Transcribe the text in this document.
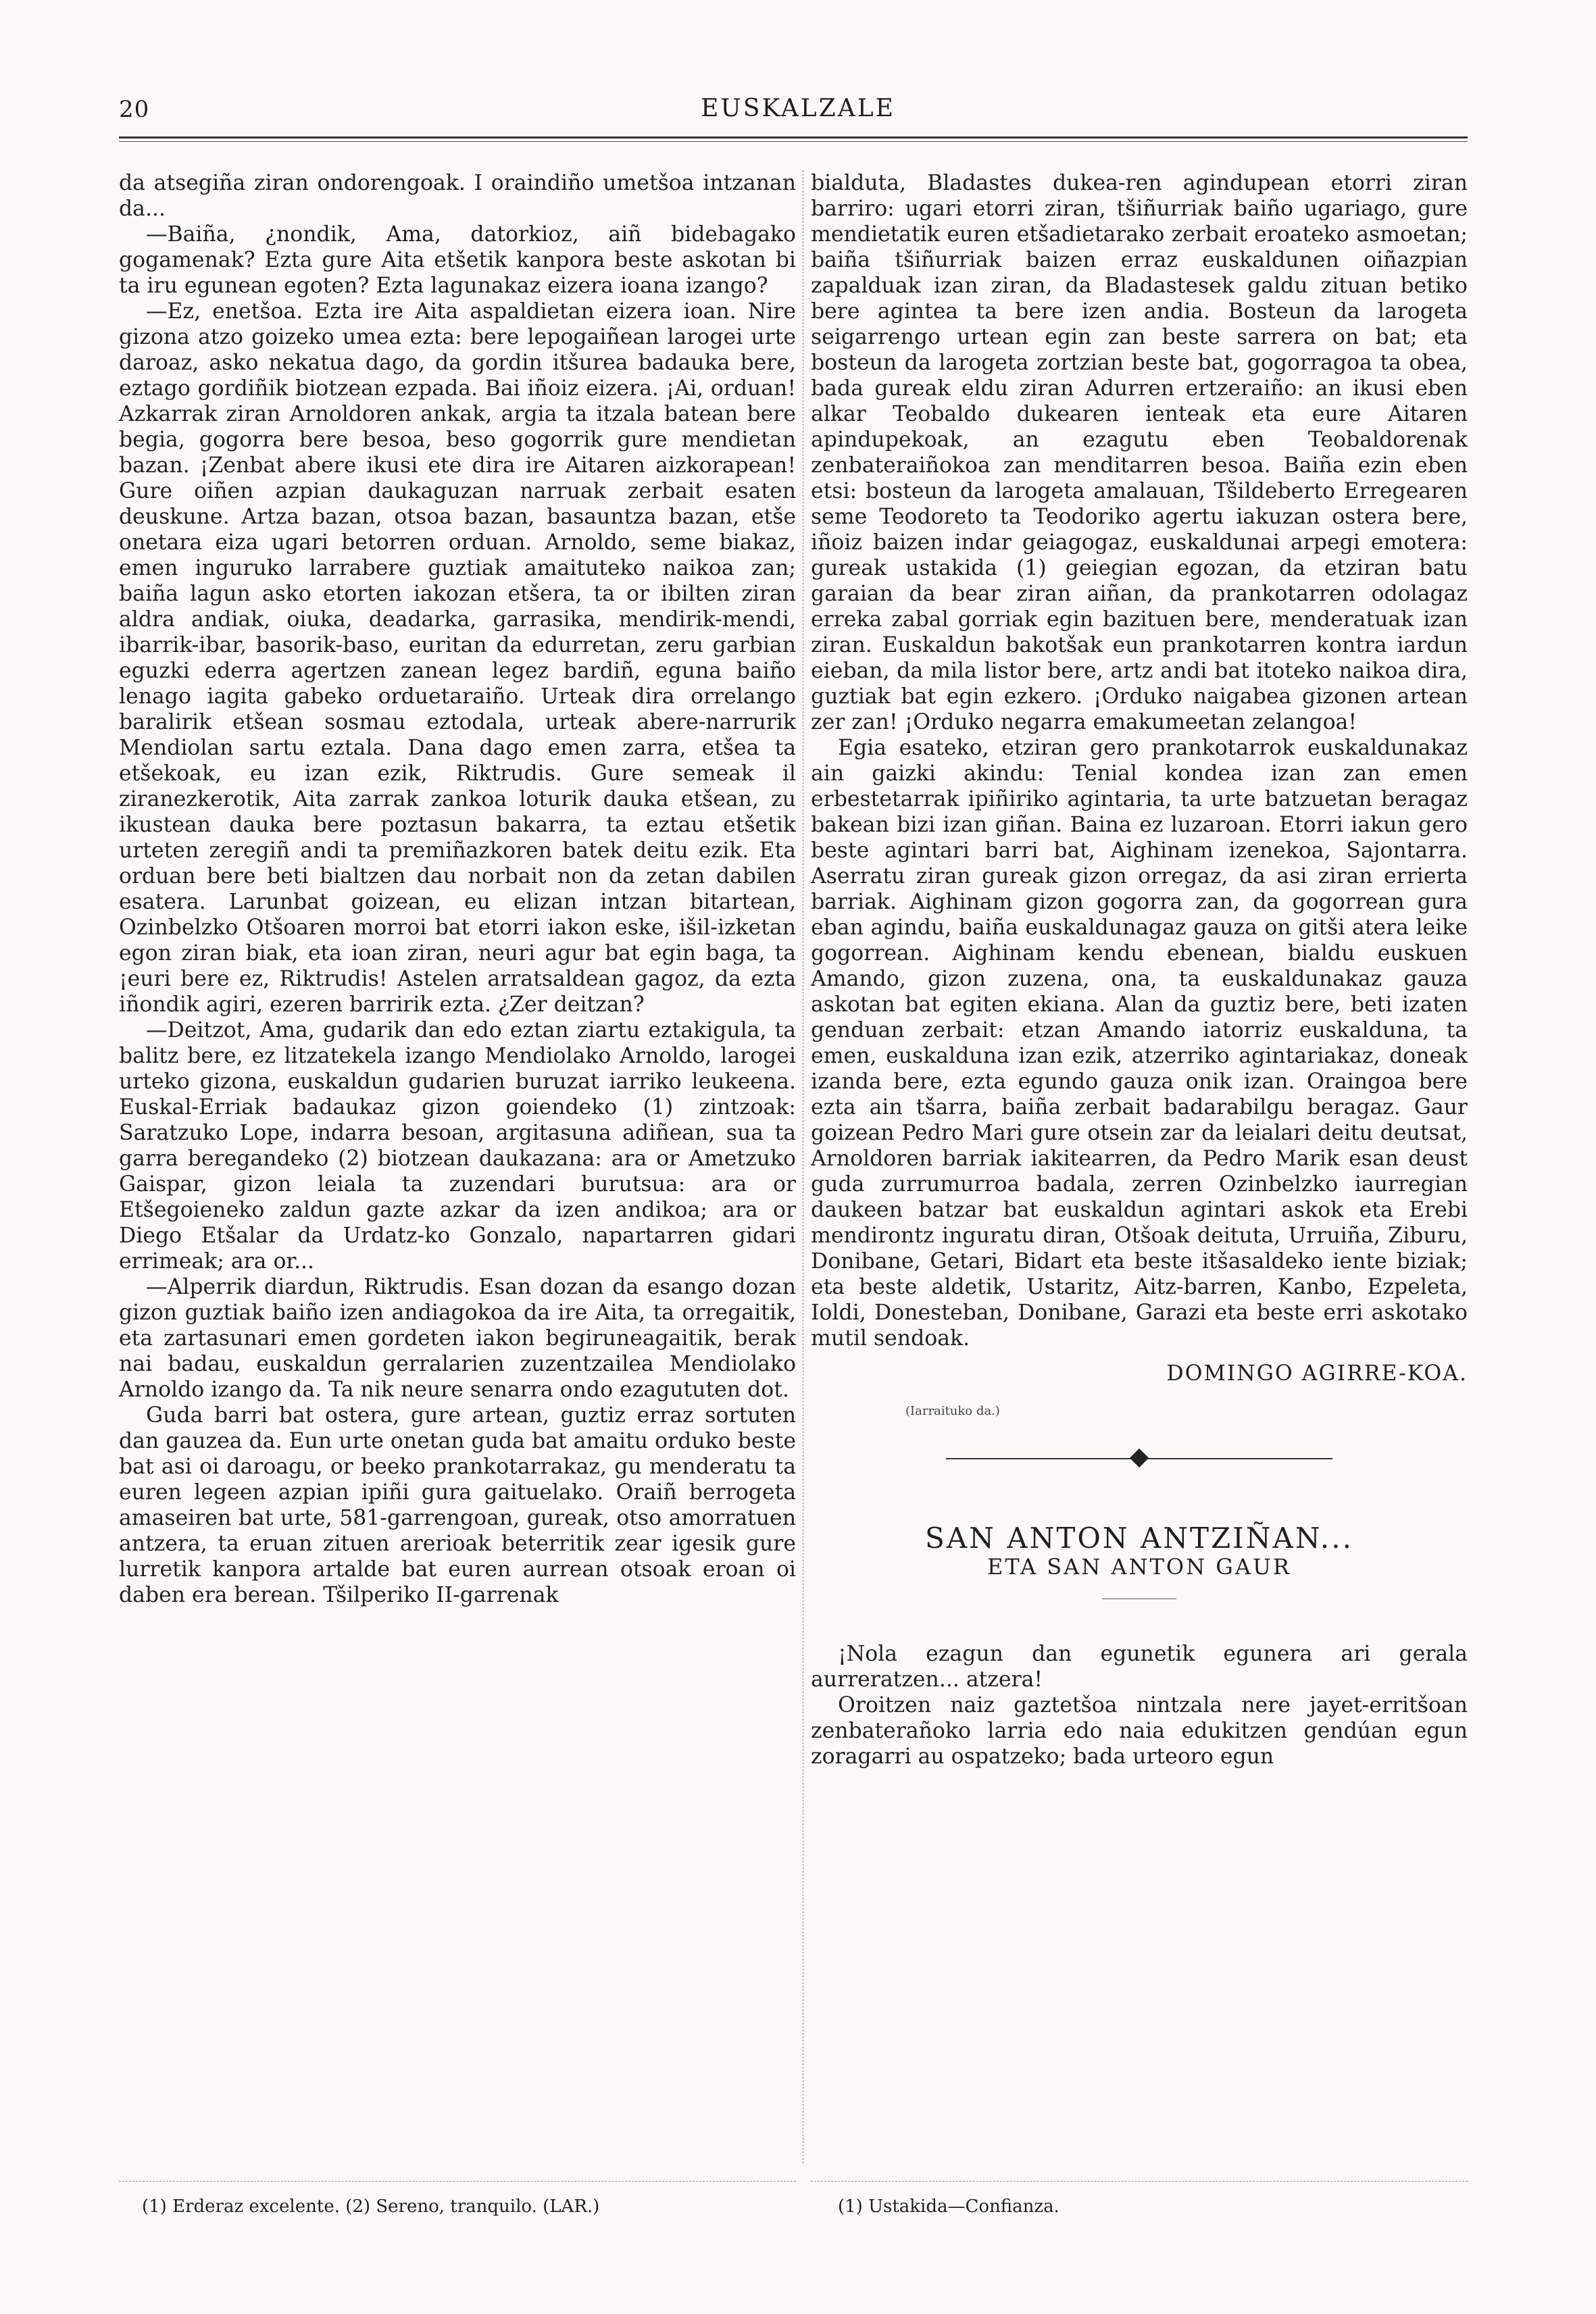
20	EUSKALZALE

da atsegiña ziran ondorengoak. I oraindiño umetšoa intzanan da...

—Baiña, ¿nondik, Ama, datorkioz, aiñ bidebagako gogamenak? Ezta gure Aita etšetik kanpora beste askotan bi ta iru egunean egoten? Ezta lagunakaz eizera ioana izango?

—Ez, enetšoa. Ezta ire Aita aspaldietan eizera ioan. Nire gizona atzo goizeko umea ezta: bere lepogaiñean larogei urte daroaz, asko nekatua dago, da gordin itšurea badauka bere, eztago gordiñik biotzean ezpada. Bai iñoiz eizera. ¡Ai, orduan! Azkarrak ziran Arnoldoren ankak, argia ta itzala batean bere begia, gogorra bere besoa, beso gogorrik gure mendietan bazan. ¡Zenbat abere ikusi ete dira ire Aitaren aizkorapean! Gure oiñen azpian daukaguzan narruak zerbait esaten deuskune. Artza bazan, otsoa bazan, basauntza bazan, etše onetara eiza ugari betorren orduan. Arnoldo, seme biakaz, emen inguruko larrabere guztiak amaituteko naikoa zan; baiña lagun asko etorten iakozan etšera, ta or ibilten ziran aldra andiak, oiuka, deadarka, garrasika, mendirik-mendi, ibarrik-ibar, basorik-baso, euritan da edurretan, zeru garbian eguzki ederra agertzen zanean legez bardiñ, eguna baiño lenago iagita gabeko orduetaraiño. Urteak dira orrelango baralirik etšean sosmau eztodala, urteak abere-narrurik Mendiolan sartu eztala. Dana dago emen zarra, etšea ta etšekoak, eu izan ezik, Riktrudis. Gure semeak il ziranezkerotik, Aita zarrak zankoa loturik dauka etšean, zu ikustean dauka bere poztasun bakarra, ta eztau etšetik urteten zeregiñ andi ta premiñazkoren batek deitu ezik. Eta orduan bere beti bialtzen dau norbait non da zetan dabilen esatera. Larunbat goizean, eu elizan intzan bitartean, Ozinbelzko Otšoaren morroi bat etorri iakon eske, išil-izketan egon ziran biak, eta ioan ziran, neuri agur bat egin baga, ta ¡euri bere ez, Riktrudis! Astelen arratsaldean gagoz, da ezta iñondik agiri, ezeren barririk ezta. ¿Zer deitzan?

—Deitzot, Ama, gudarik dan edo eztan ziartu eztakigula, ta balitz bere, ez litzatekela izango Mendiolako Arnoldo, larogei urteko gizona, euskaldun gudarien buruzat iarriko leukeena. Euskal-Erriak badaukaz gizon goiendeko (1) zintzoak: Saratzuko Lope, indarra besoan, argitasuna adiñean, sua ta garra beregandeko (2) biotzean daukazana: ara or Ametzuko Gaispar, gizon leiala ta zuzendari burutsua: ara or Etšegoieneko zaldun gazte azkar da izen andikoa; ara or Diego Etšalar da Urdatz-ko Gonzalo, napartarren gidari errimeak; ara or...

—Alperrik diardun, Riktrudis. Esan dozan da esango dozan gizon guztiak baiño izen andiagokoa da ire Aita, ta orregaitik, eta zartasunari emen gordeten iakon begiruneagaitik, berak nai badau, euskaldun gerralarien zuzentzailea Mendiolako Arnoldo izango da. Ta nik neure senarra ondo ezagututen dot.

Guda barri bat ostera, gure artean, guztiz erraz sortuten dan gauzea da. Eun urte onetan guda bat amaitu orduko beste bat asi oi daroagu, or beeko prankotarrakaz, gu menderatu ta euren legeen azpian ipiñi gura gaituelako. Oraiñ berrogeta amaseiren bat urte, 581-garrengoan, gureak, otso amorratuen antzera, ta eruan zituen arerioak beterritik zear igesik gure lurretik kanpora artalde bat euren aurrean otsoak eroan oi daben era berean. Tšilperiko II-garrenak

bialduta, Bladastes dukea-ren agindupean etorri ziran barriro: ugari etorri ziran, tšiñurriak baiño ugariago, gure mendietatik euren etšadietarako zerbait eroateko asmoetan; baiña tšiñurriak baizen erraz euskaldunen oiñazpian zapalduak izan ziran, da Bladastesek galdu zituan betiko bere agintea ta bere izen andia. Bosteun da larogeta seigarrengo urtean egin zan beste sarrera on bat; eta bosteun da larogeta zortzian beste bat, gogorragoa ta obea, bada gureak eldu ziran Adurren ertzeraiño: an ikusi eben alkar Teobaldo dukearen ienteak eta eure Aitaren apindupekoak, an ezagutu eben Teobaldorenak zenbateraiñokoa zan menditarren besoa. Baiña ezin eben etsi: bosteun da larogeta amalauan, Tšildeberto Erregearen seme Teodoreto ta Teodoriko agertu iakuzan ostera bere, iñoiz baizen indar geiagogaz, euskaldunai arpegi emotera: gureak ustakida (1) geiegian egozan, da etziran batu garaian da bear ziran aiñan, da prankotarren odolagaz erreka zabal gorriak egin bazituen bere, menderatuak izan ziran. Euskaldun bakotšak eun prankotarren kontra iardun eieban, da mila listor bere, artz andi bat itoteko naikoa dira, guztiak bat egin ezkero. ¡Orduko naigabea gizonen artean zer zan! ¡Orduko negarra emakumeetan zelangoa!

Egia esateko, etziran gero prankotarrok euskaldunakaz ain gaizki akindu: Tenial kondea izan zan emen erbestetarrak ipiñiriko agintaria, ta urte batzuetan beragaz bakean bizi izan giñan. Baina ez luzaroan. Etorri iakun gero beste agintari barri bat, Aighinam izenekoa, Sajontarra. Aserratu ziran gureak gizon orregaz, da asi ziran errierta barriak. Aighinam gizon gogorra zan, da gogorrean gura eban agindu, baiña euskaldunagaz gauza on gitši atera leike gogorrean. Aighinam kendu ebenean, bialdu euskuen Amando, gizon zuzena, ona, ta euskaldunakaz gauza askotan bat egiten ekiana. Alan da guztiz bere, beti izaten genduan zerbait: etzan Amando iatorriz euskalduna, ta emen, euskalduna izan ezik, atzerriko agintariakaz, doneak izanda bere, ezta egundo gauza onik izan. Oraingoa bere ezta ain tšarra, baiña zerbait badarabilgu beragaz. Gaur goizean Pedro Mari gure otsein zar da leialari deitu deutsat, Arnoldoren barriak iakitearren, da Pedro Marik esan deust guda zurrumurroa badala, zerren Ozinbelzko iaurregian daukeen batzar bat euskaldun agintari askok eta Erebi mendirontz inguratu diran, Otšoak deituta, Urruiña, Ziburu, Donibane, Getari, Bidart eta beste itšasaldeko iente biziak; eta beste aldetik, Ustaritz, Aitz-barren, Kanbo, Ezpeleta, Ioldi, Donesteban, Donibane, Garazi eta beste erri askotako mutil sendoak.

DOMINGO AGIRRE-KOA.
(Iarraituko da.)
SAN ANTON ANTZIÑAN...
ETA SAN ANTON GAUR

¡Nola ezagun dan egunetik egunera ari gerala aurreratzen... atzera!

Oroitzen naiz gaztetšoa nintzala nere jayet-erritšoan zenbaterañoko larria edo naia edukitzen gendúan egun zoragarri au ospatzeko; bada urteoro egun

(1) Erderaz excelente. (2) Sereno, tranquilo. (LAR.)	(1) Ustakida—Confianza.
